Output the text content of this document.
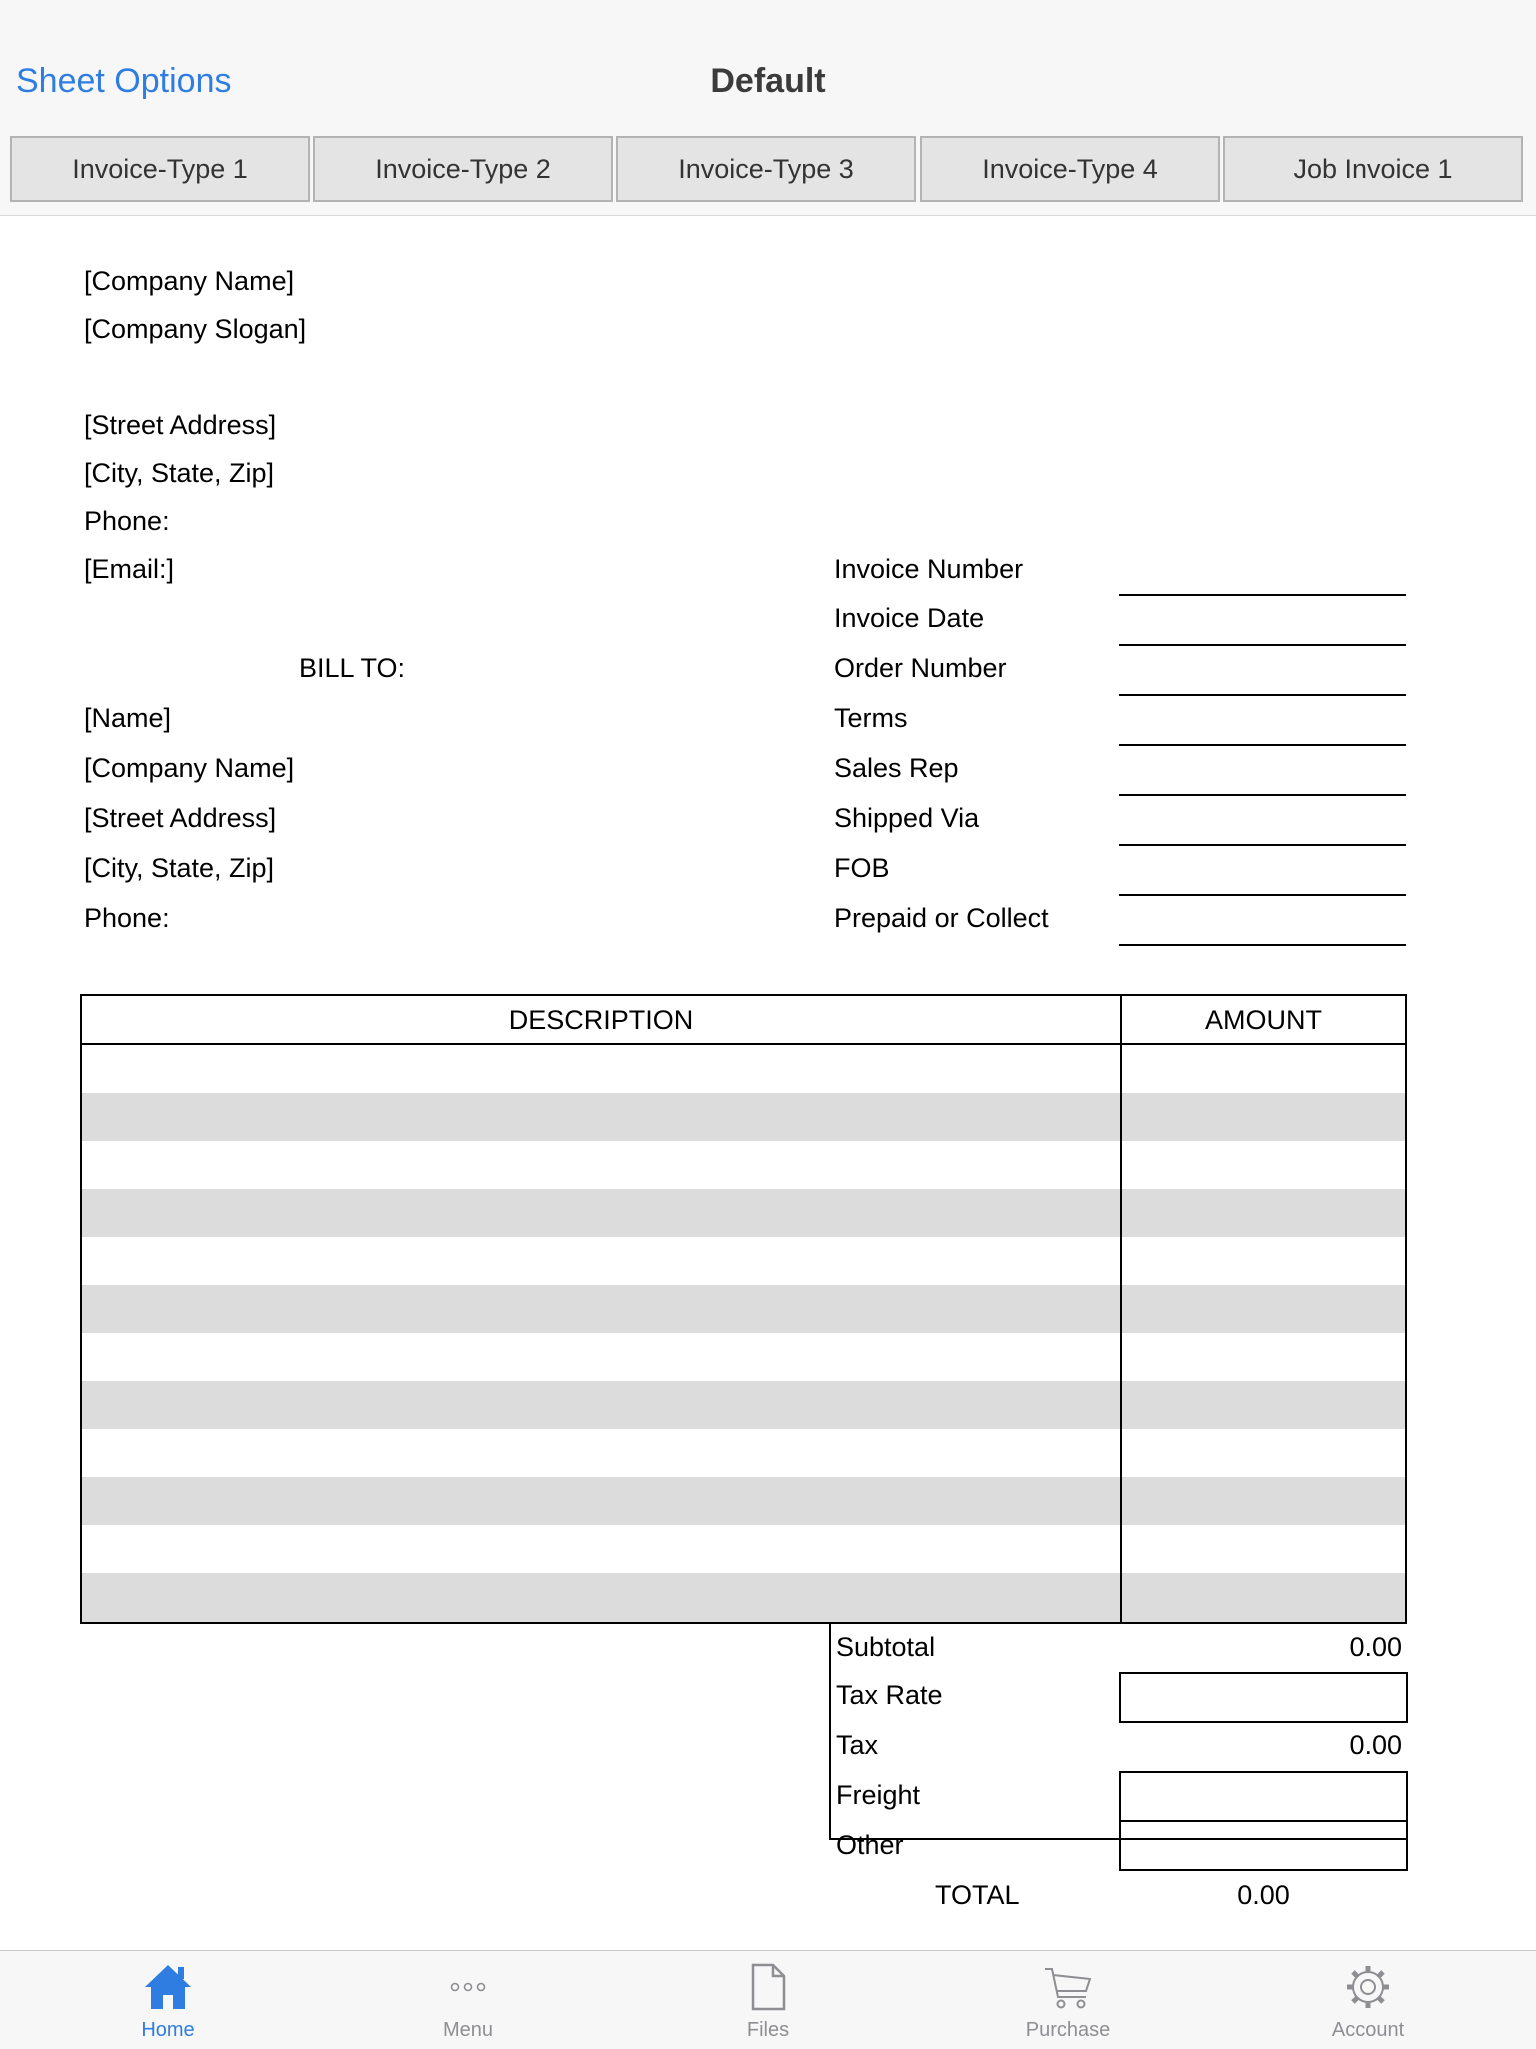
Sheet Options	Default
Invoice-Type 1	Invoice-Type 2	Invoice-Type 3	Invoice-Type 4	Job Invoice 1
[Company Name]
[Company Slogan]
[Street Address]
[City, State, Zip]
Phone:
[Email:]
BILL TO:
[Name]
[Company Name]
[Street Address]
[City, State, Zip]
Phone:
Invoice Number
Invoice Date
Order Number
Terms
Sales Rep
Shipped Via
FOB
Prepaid or Collect
DESCRIPTION	AMOUNT
Subtotal	0.00
Tax Rate
Tax	0.00
Freight
Other
TOTAL	0.00
Home	Menu	Files	Purchase	Account
